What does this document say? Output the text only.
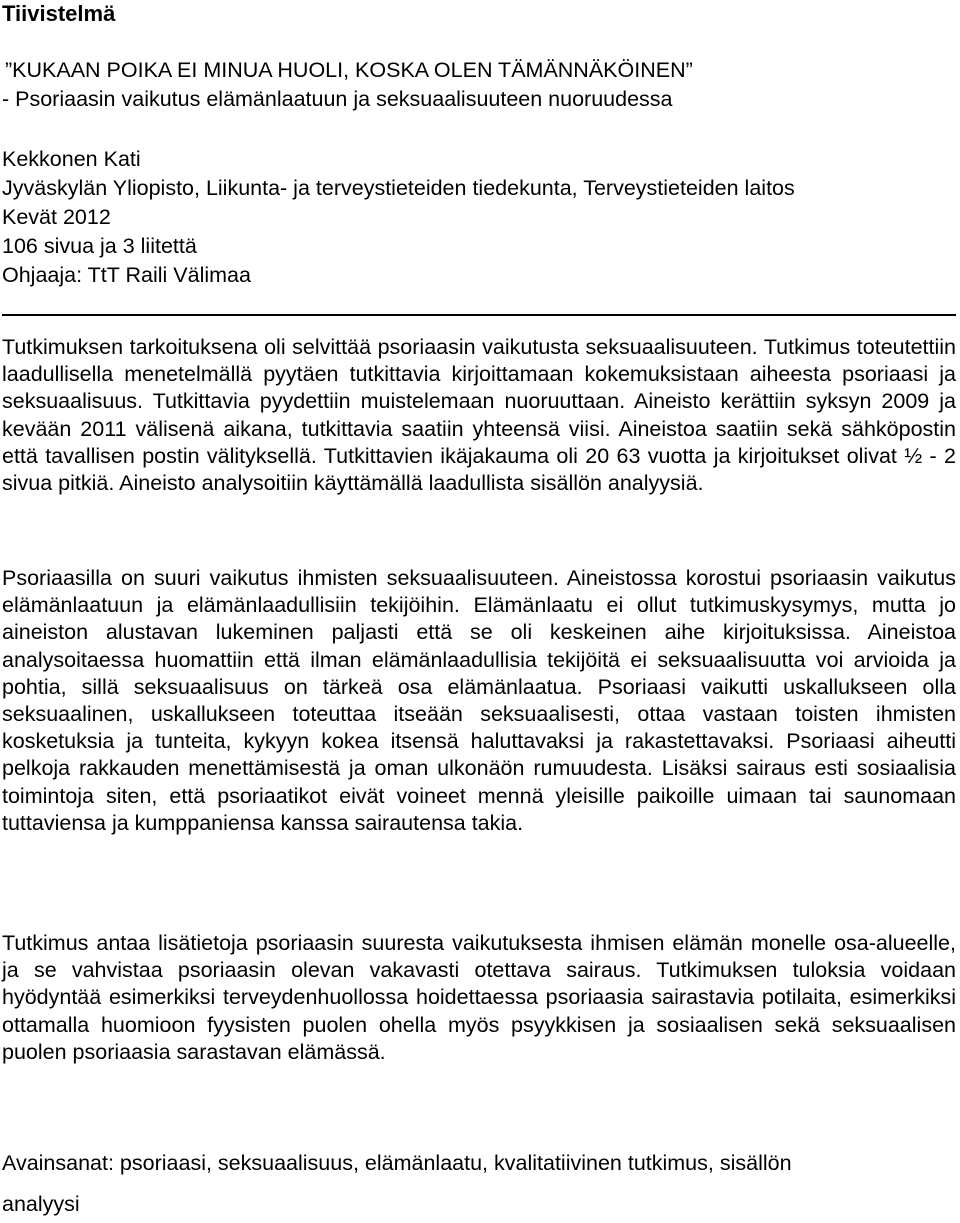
Tiivistelmä
”KUKAAN POIKA EI MINUA HUOLI, KOSKA OLEN TÄMÄNNÄKÖINEN”
- Psoriaasin vaikutus elämänlaatuun ja seksuaalisuuteen nuoruudessa
Kekkonen Kati
Jyväskylän Yliopisto, Liikunta- ja terveystieteiden tiedekunta, Terveystieteiden laitos
Kevät 2012
106 sivua ja 3 liitettä
Ohjaaja: TtT Raili Välimaa

Tutkimuksen tarkoituksena oli selvittää psoriaasin vaikutusta seksuaalisuuteen. Tutkimus toteutettiin laadullisella menetelmällä pyytäen tutkittavia kirjoittamaan kokemuksistaan aiheesta psoriaasi ja seksuaalisuus. Tutkittavia pyydettiin muistelemaan nuoruuttaan. Aineisto kerättiin syksyn 2009 ja kevään 2011 välisenä aikana, tutkittavia saatiin yhteensä viisi. Aineistoa saatiin sekä sähköpostin että tavallisen postin välityksellä. Tutkittavien ikäjakauma oli 20 63 vuotta ja kirjoitukset olivat ½ - 2 sivua pitkiä. Aineisto analysoitiin käyttämällä laadullista sisällön analyysiä.

Psoriaasilla on suuri vaikutus ihmisten seksuaalisuuteen. Aineistossa korostui psoriaasin vaikutus elämänlaatuun ja elämänlaadullisiin tekijöihin. Elämänlaatu ei ollut tutkimuskysymys, mutta jo aineiston alustavan lukeminen paljasti että se oli keskeinen aihe kirjoituksissa. Aineistoa analysoitaessa huomattiin että ilman elämänlaadullisia tekijöitä ei seksuaalisuutta voi arvioida ja pohtia, sillä seksuaalisuus on tärkeä osa elämänlaatua. Psoriaasi vaikutti uskallukseen olla seksuaalinen, uskallukseen toteuttaa itseään seksuaalisesti, ottaa vastaan toisten ihmisten kosketuksia ja tunteita, kykyyn kokea itsensä haluttavaksi ja rakastettavaksi. Psoriaasi aiheutti pelkoja rakkauden menettämisestä ja oman ulkonäön rumuudesta. Lisäksi sairaus esti sosiaalisia toimintoja siten, että psoriaatikot eivät voineet mennä yleisille paikoille uimaan tai saunomaan tuttaviensa ja kumppaniensa kanssa sairautensa takia.

Tutkimus antaa lisätietoja psoriaasin suuresta vaikutuksesta ihmisen elämän monelle osa-alueelle, ja se vahvistaa psoriaasin olevan vakavasti otettava sairaus. Tutkimuksen tuloksia voidaan hyödyntää esimerkiksi terveydenhuollossa hoidettaessa psoriaasia sairastavia potilaita, esimerkiksi ottamalla huomioon fyysisten puolen ohella myös psyykkisen ja sosiaalisen sekä seksuaalisen puolen psoriaasia sarastavan elämässä.

Avainsanat: psoriaasi, seksuaalisuus, elämänlaatu, kvalitatiivinen tutkimus, sisällön
analyysi
